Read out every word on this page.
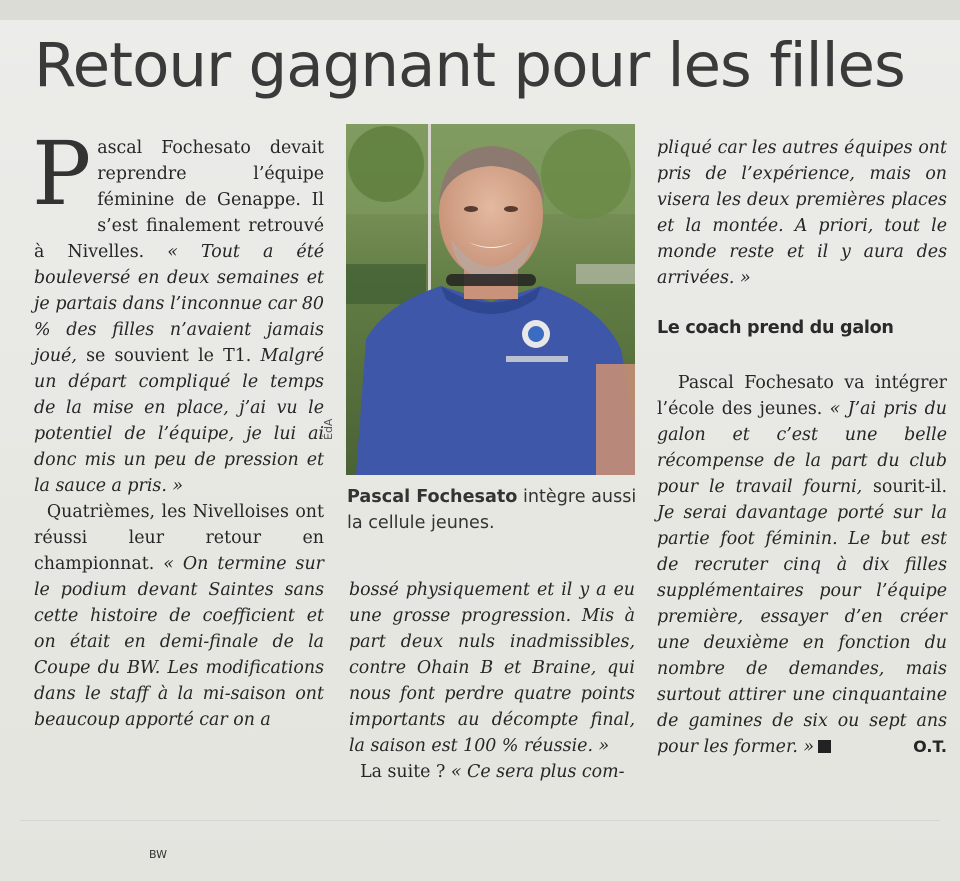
Retour gagnant pour les filles

Pascal Fochesato devait reprendre l’équipe féminine de Genappe. Il s’est finalement retrouvé à Nivelles. « Tout a été bouleversé en deux semaines et je partais dans l’inconnue car 80 % des filles n’avaient jamais joué, se souvient le T1. Malgré un départ compliqué le temps de la mise en place, j’ai vu le potentiel de l’équipe, je lui ai donc mis un peu de pression et la sauce a pris. »

Quatrièmes, les Nivelloises ont réussi leur retour en championnat. « On termine sur le podium devant Saintes sans cette histoire de coefficient et on était en demi-finale de la Coupe du BW. Les modifications dans le staff à la mi-saison ont beaucoup apporté car on a

ÉdA
Pascal Fochesato intègre aussi la cellule jeunes.

bossé physiquement et il y a eu une grosse progression. Mis à part deux nuls inadmissibles, contre Ohain B et Braine, qui nous font perdre quatre points importants au décompte final, la saison est 100 % réussie. »

La suite ? « Ce sera plus com-

pliqué car les autres équipes ont pris de l’expérience, mais on visera les deux premières places et la montée. A priori, tout le monde reste et il y aura des arrivées. »

Le coach prend du galon

Pascal Fochesato va intégrer l’école des jeunes. « J’ai pris du galon et c’est une belle récompense de la part du club pour le travail fourni, sourit-il. Je serai davantage porté sur la partie foot féminin. Le but est de recruter cinq à dix filles supplémentaires pour l’équipe première, essayer d’en créer une deuxième en fonction du nombre de demandes, mais surtout attirer une cinquantaine de gamines de six ou sept ans pour les former. »	O.T.

BW
